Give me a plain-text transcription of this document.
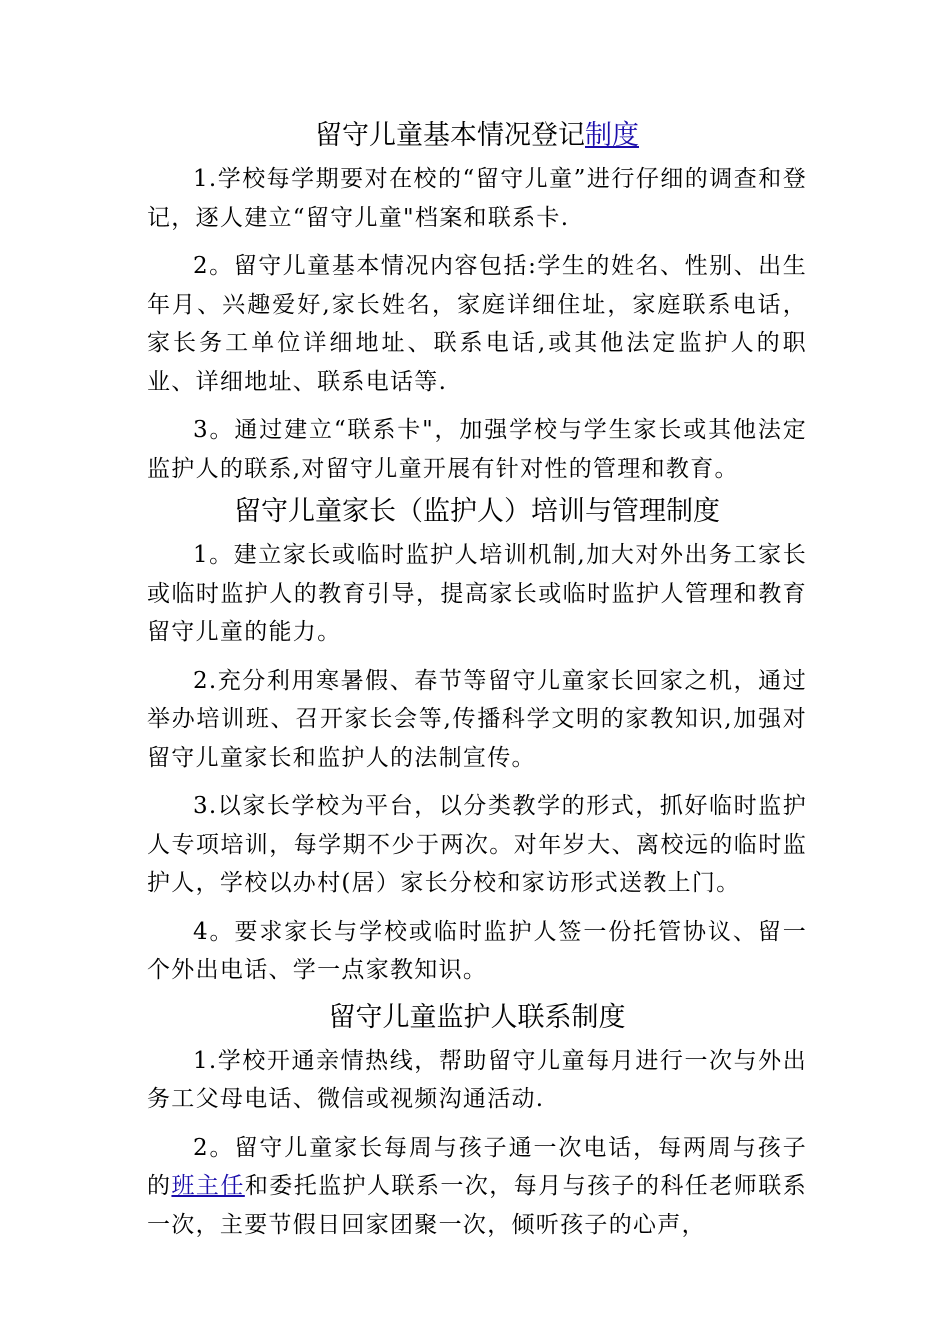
留守儿童基本情况登记制度

1.学校每学期要对在校的“留守儿童”进行仔细的调查和登记，逐人建立“留守儿童"档案和联系卡.

2。留守儿童基本情况内容包括:学生的姓名、性别、出生年月、兴趣爱好,家长姓名，家庭详细住址，家庭联系电话，家长务工单位详细地址、联系电话,或其他法定监护人的职业、详细地址、联系电话等.

3。通过建立“联系卡"，加强学校与学生家长或其他法定监护人的联系,对留守儿童开展有针对性的管理和教育。

留守儿童家长（监护人）培训与管理制度

1。建立家长或临时监护人培训机制,加大对外出务工家长或临时监护人的教育引导，提高家长或临时监护人管理和教育留守儿童的能力。

2.充分利用寒暑假、春节等留守儿童家长回家之机，通过举办培训班、召开家长会等,传播科学文明的家教知识,加强对留守儿童家长和监护人的法制宣传。

3.以家长学校为平台，以分类教学的形式，抓好临时监护人专项培训，每学期不少于两次。对年岁大、离校远的临时监护人，学校以办村(居）家长分校和家访形式送教上门。

4。要求家长与学校或临时监护人签一份托管协议、留一个外出电话、学一点家教知识。

留守儿童监护人联系制度

1.学校开通亲情热线，帮助留守儿童每月进行一次与外出务工父母电话、微信或视频沟通活动.

2。留守儿童家长每周与孩子通一次电话，每两周与孩子的班主任和委托监护人联系一次，每月与孩子的科任老师联系一次，主要节假日回家团聚一次，倾听孩子的心声，
